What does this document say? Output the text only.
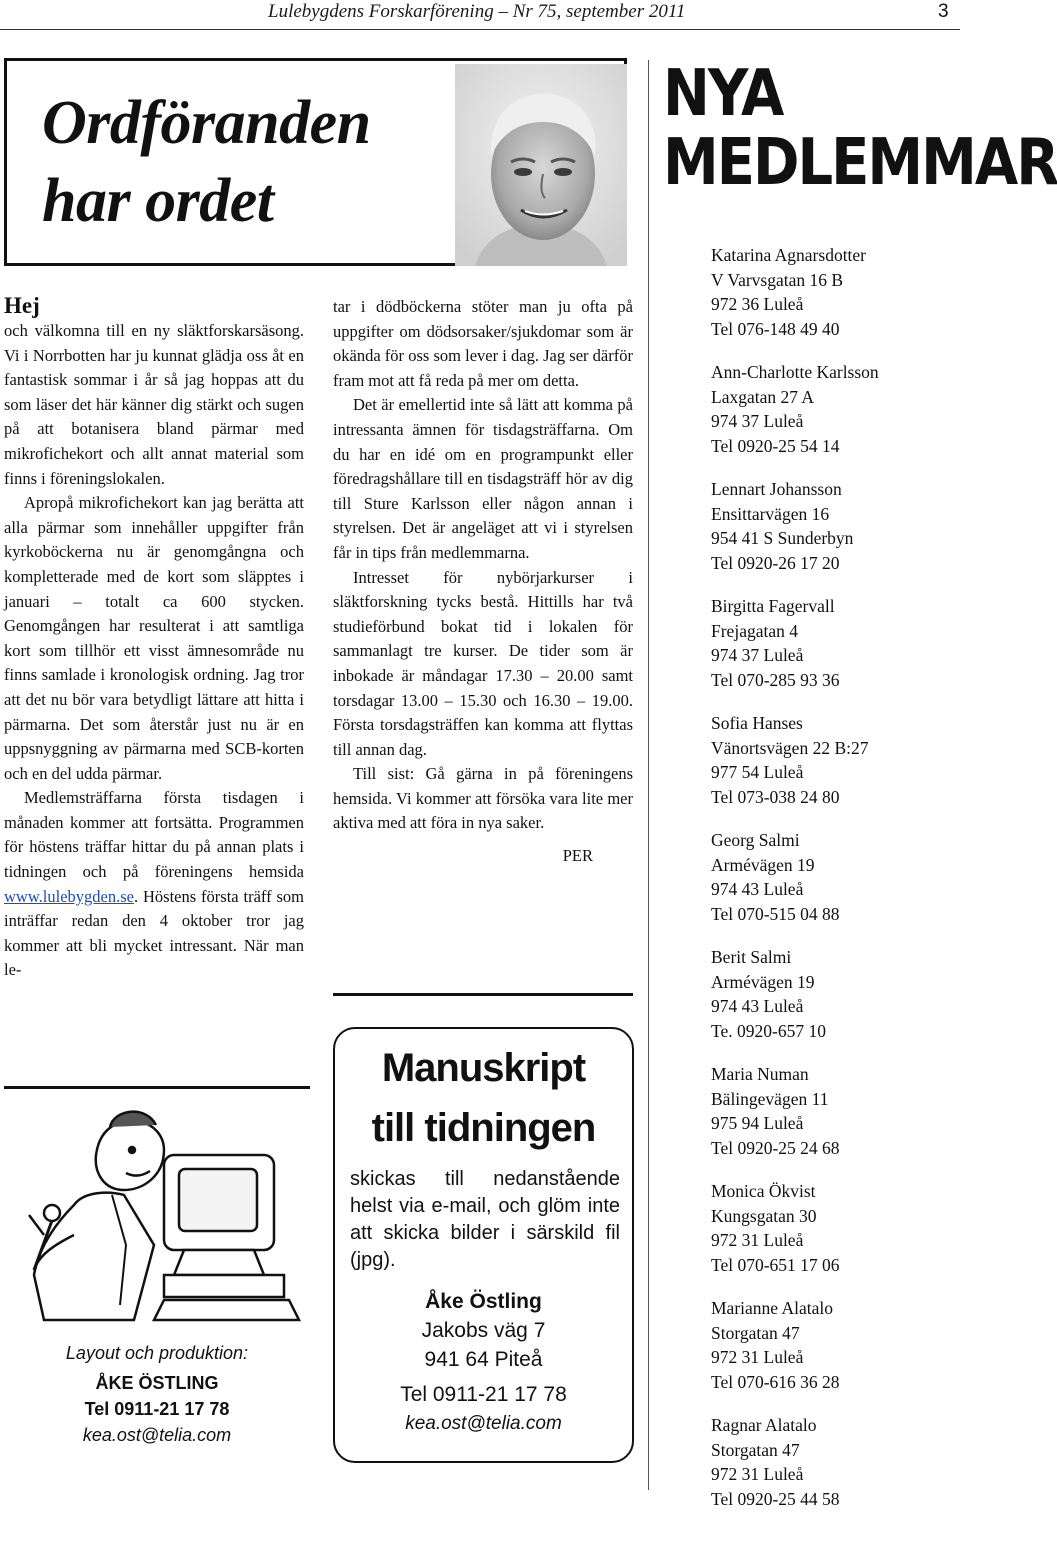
Lulebygdens Forskarförening – Nr 75, september 2011	3
Ordföranden
har ordet
Hej

och välkomna till en ny släktforskarsäsong. Vi i Norrbotten har ju kunnat glädja oss åt en fantastisk sommar i år så jag hoppas att du som läser det här känner dig stärkt och sugen på att botanisera bland pärmar med mikrofichekort och allt annat material som finns i föreningslokalen.

Apropå mikrofichekort kan jag berätta att alla pärmar som innehåller uppgifter från kyrkoböckerna nu är genomgångna och kompletterade med de kort som släpptes i januari – totalt ca 600 stycken. Genomgången har resulterat i att samtliga kort som tillhör ett visst ämnesområde nu finns samlade i kronologisk ordning. Jag tror att det nu bör vara betydligt lättare att hitta i pärmarna. Det som återstår just nu är en uppsnyggning av pärmarna med SCB-korten och en del udda pärmar.

Medlemsträffarna första tisdagen i månaden kommer att fortsätta. Programmen för höstens träffar hittar du på annan plats i tidningen och på föreningens hemsida www.lulebygden.se. Höstens första träff som inträffar redan den 4 oktober tror jag kommer att bli mycket intressant. När man le-

tar i dödböckerna stöter man ju ofta på uppgifter om dödsorsaker/sjukdomar som är okända för oss som lever i dag. Jag ser därför fram mot att få reda på mer om detta.

Det är emellertid inte så lätt att komma på intressanta ämnen för tisdagsträffarna. Om du har en idé om en programpunkt eller föredragshållare till en tisdagsträff hör av dig till Sture Karlsson eller någon annan i styrelsen. Det är angeläget att vi i styrelsen får in tips från medlemmarna.

Intresset för nybörjarkurser i släktforskning tycks bestå. Hittills har två studieförbund bokat tid i lokalen för sammanlagt tre kurser. De tider som är inbokade är måndagar 17.30 – 20.00 samt torsdagar 13.00 – 15.30 och 16.30 – 19.00. Första torsdagsträffen kan komma att flyttas till annan dag.

Till sist: Gå gärna in på föreningens hemsida. Vi kommer att försöka vara lite mer aktiva med att föra in nya saker.

PER
Layout och produktion:
ÅKE ÖSTLING
Tel 0911-21 17 78
kea.ost@telia.com
Manuskript
till tidningen
skickas till nedanstående helst via e-mail, och glöm inte att skicka bilder i särskild fil (jpg).
Åke Östling
Jakobs väg 7
941 64 Piteå
Tel 0911-21 17 78
kea.ost@telia.com
NYA
MEDLEMMAR
Katarina Agnarsdotter
V Varvsgatan 16 B
972 36 Luleå
Tel 076-148 49 40
Ann-Charlotte Karlsson
Laxgatan 27 A
974 37 Luleå
Tel 0920-25 54 14
Lennart Johansson
Ensittarvägen 16
954 41 S Sunderbyn
Tel 0920-26 17 20
Birgitta Fagervall
Frejagatan 4
974 37 Luleå
Tel 070-285 93 36
Sofia Hanses
Vänortsvägen 22 B:27
977 54 Luleå
Tel 073-038 24 80
Georg Salmi
Armévägen 19
974 43 Luleå
Tel 070-515 04 88
Berit Salmi
Armévägen 19
974 43 Luleå
Te. 0920-657 10
Maria Numan
Bälingevägen 11
975 94 Luleå
Tel 0920-25 24 68
Monica Ökvist
Kungsgatan 30
972 31 Luleå
Tel 070-651 17 06
Marianne Alatalo
Storgatan 47
972 31 Luleå
Tel 070-616 36 28
Ragnar Alatalo
Storgatan 47
972 31 Luleå
Tel 0920-25 44 58
